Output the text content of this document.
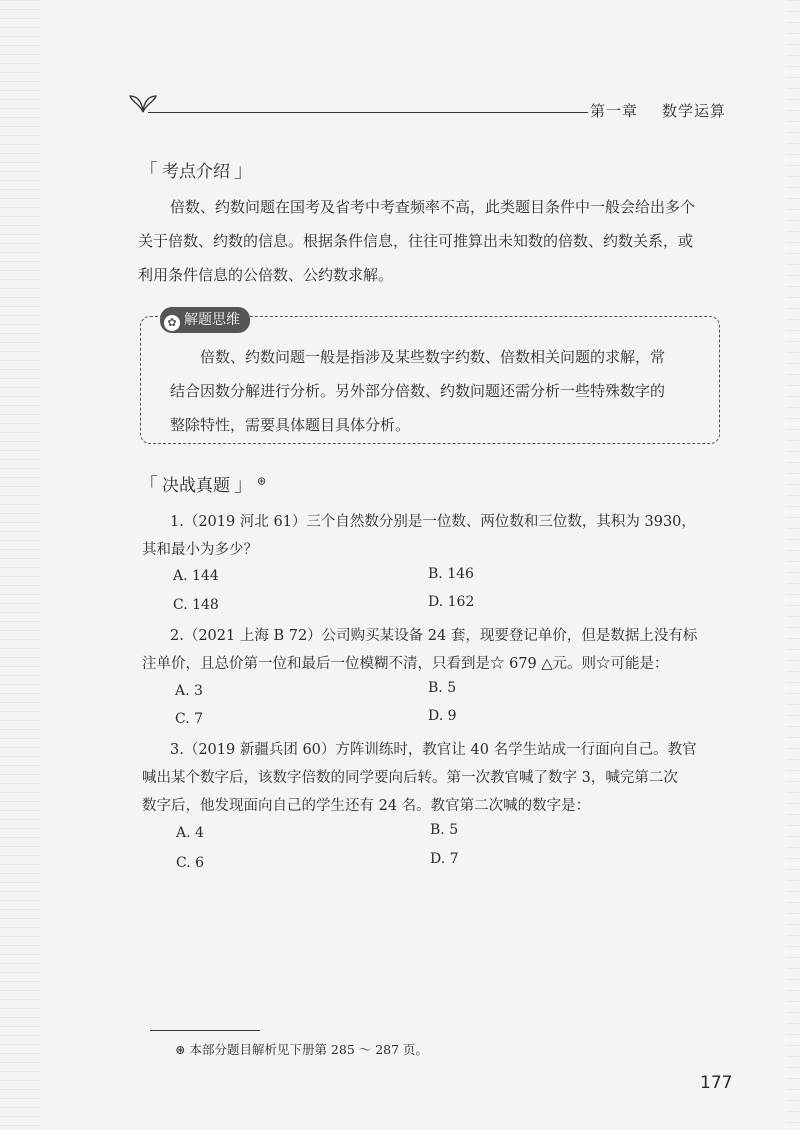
第一章 数学运算
「 考点介绍 」
倍数、约数问题在国考及省考中考查频率不高，此类题目条件中一般会给出多个
关于倍数、约数的信息。根据条件信息，往往可推算出未知数的倍数、约数关系，或
利用条件信息的公倍数、公约数求解。
✿ 解题思维
倍数、约数问题一般是指涉及某些数字约数、倍数相关问题的求解，常
结合因数分解进行分析。另外部分倍数、约数问题还需分析一些特殊数字的
整除特性，需要具体题目具体分析。
「 决战真题 」 ⊛
1.（2019 河北 61）三个自然数分别是一位数、两位数和三位数，其积为 3930，
其和最小为多少？
A. 144	B. 146
C. 148	D. 162
2.（2021 上海 B 72）公司购买某设备 24 套，现要登记单价，但是数据上没有标
注单价，且总价第一位和最后一位模糊不清，只看到是☆ 679 △元。则☆可能是：
A. 3	B. 5
C. 7	D. 9
3.（2019 新疆兵团 60）方阵训练时，教官让 40 名学生站成一行面向自己。教官
喊出某个数字后，该数字倍数的同学要向后转。第一次教官喊了数字 3，喊完第二次
数字后，他发现面向自己的学生还有 24 名。教官第二次喊的数字是：
A. 4	B. 5
C. 6	D. 7
⊛ 本部分题目解析见下册第 285 ～ 287 页。
177
